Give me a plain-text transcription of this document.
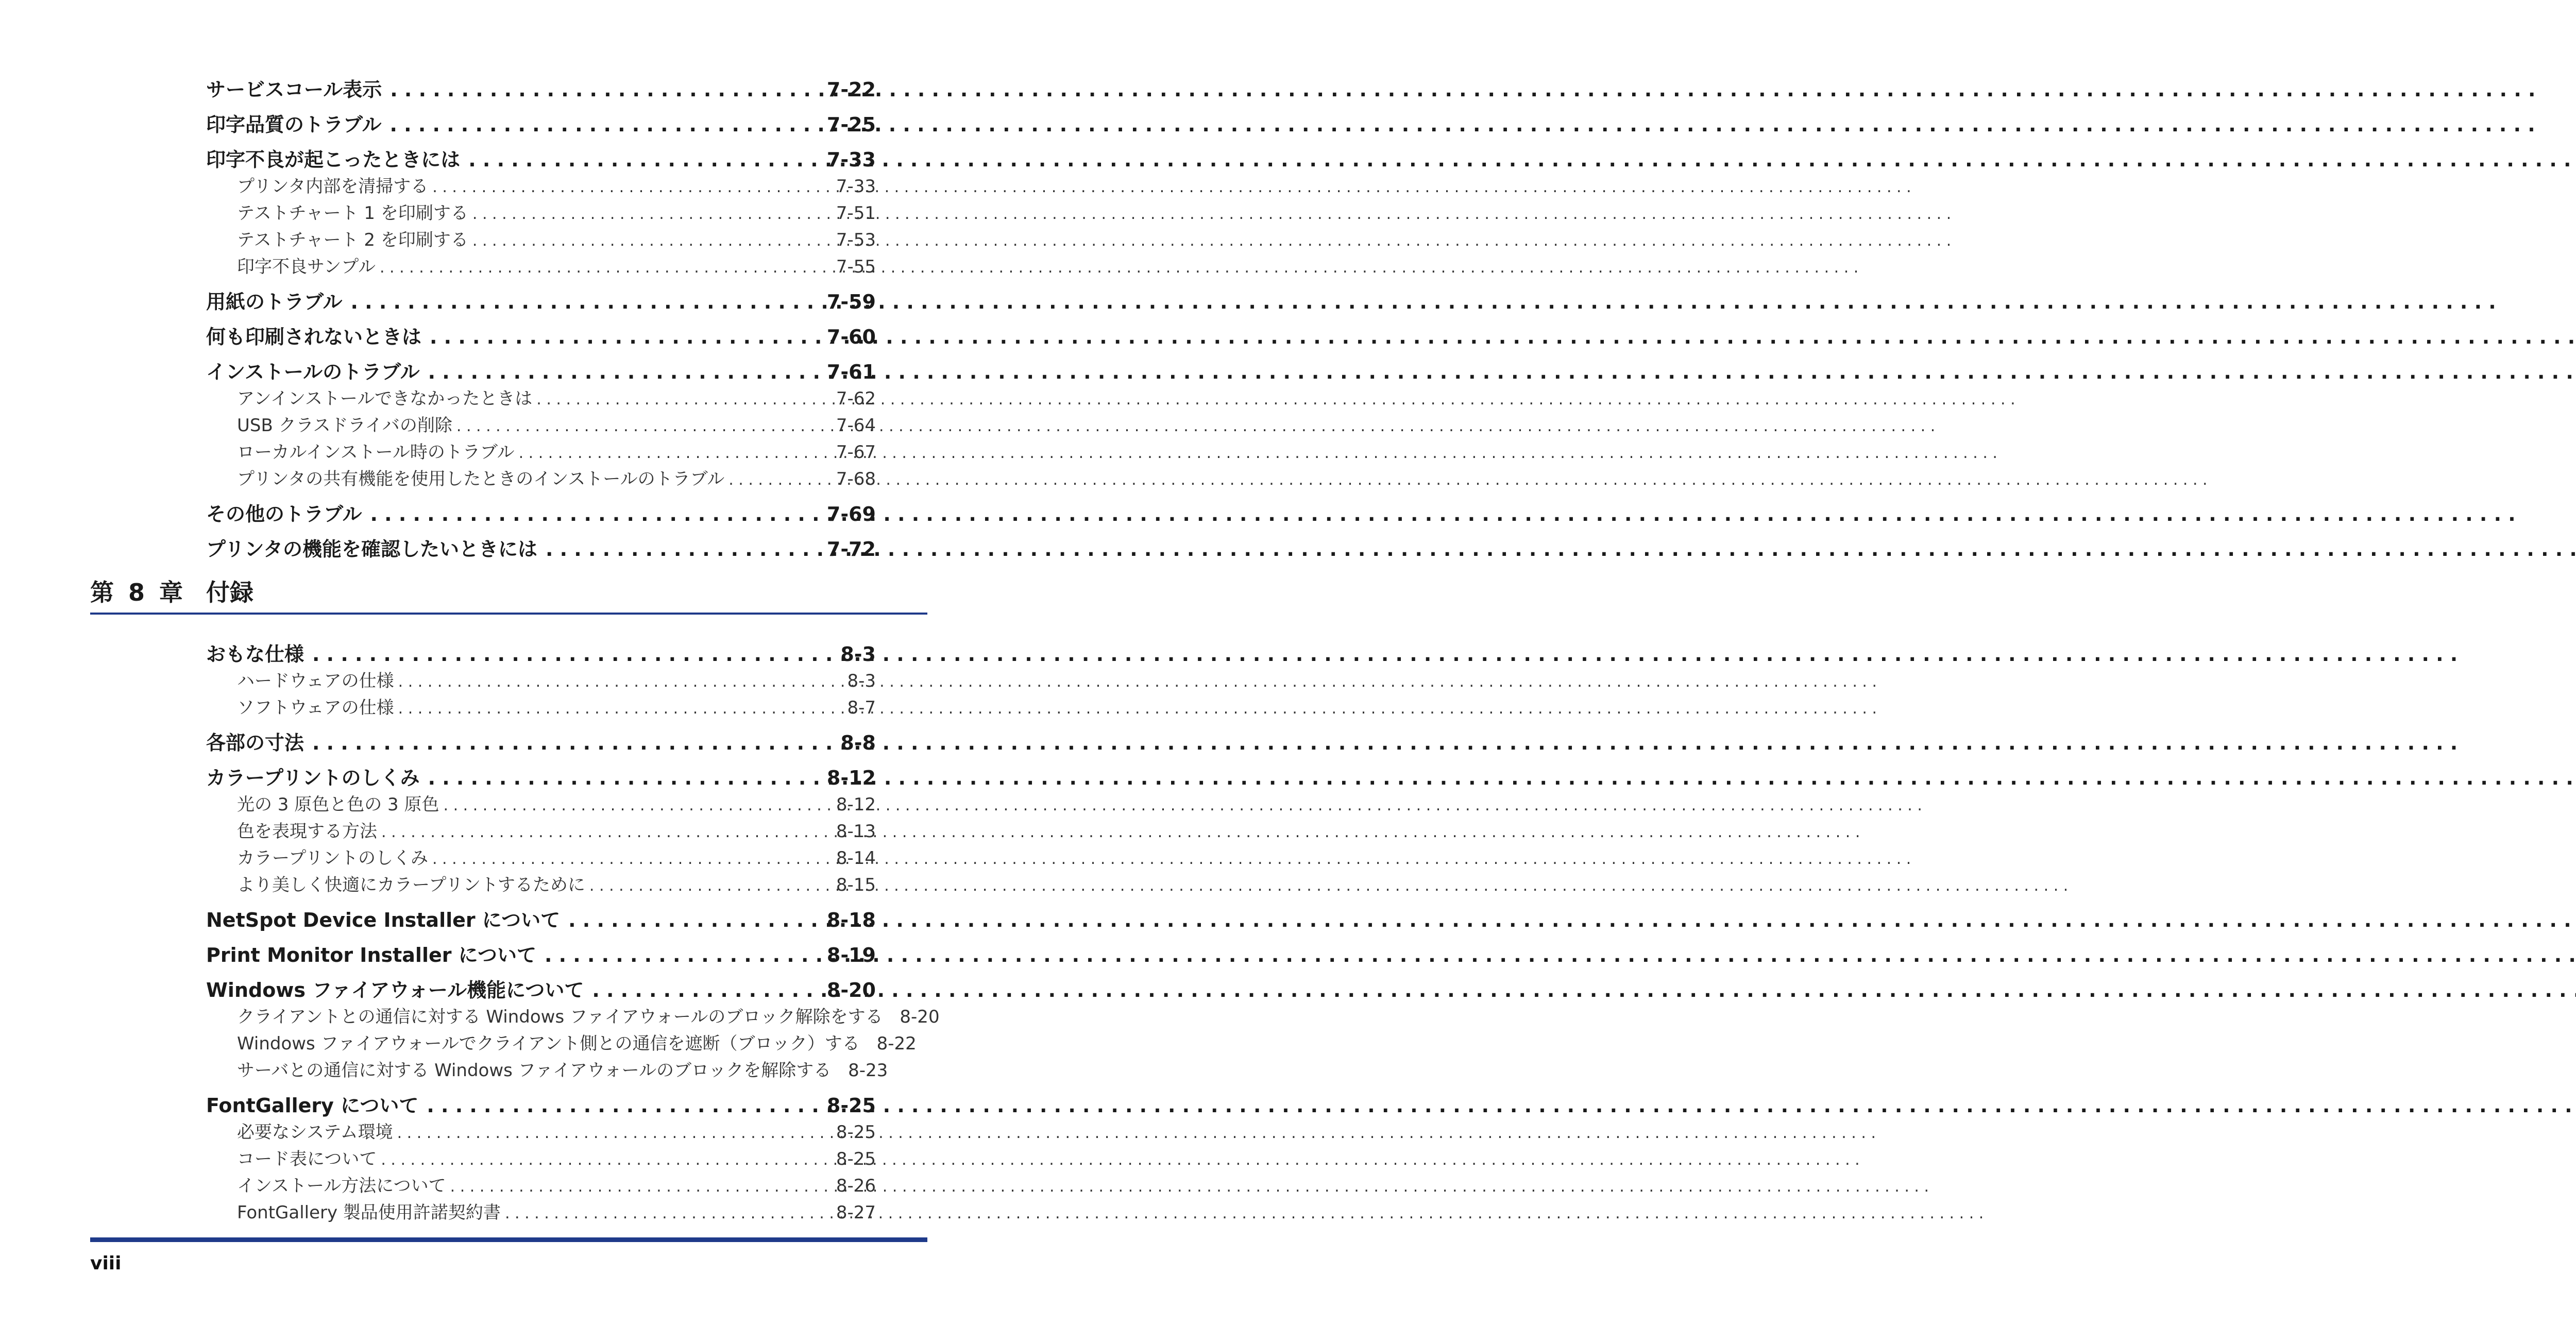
サービスコール表示 . . .	7-22
印字品質のトラブル . . .	7-25
印字不良が起こったときには . . .	7-33
プリンタ内部を清掃する . . .	7-33
テストチャート 1 を印刷する . . .	7-51
テストチャート 2 を印刷する . . .	7-53
印字不良サンプル . . .	7-55
用紙のトラブル . . .	7-59
何も印刷されないときは . . .	7-60
インストールのトラブル . . .	7-61
アンインストールできなかったときは . . .	7-62
USB クラスドライバの削除 . . .	7-64
ローカルインストール時のトラブル . . .	7-67
プリンタの共有機能を使用したときのインストールのトラブル . . .	7-68
その他のトラブル . . .	7-69
プリンタの機能を確認したいときには . . .	7-72
第 8 章 付録
おもな仕様 . . .	8-3
ハードウェアの仕様 . . .	8-3
ソフトウェアの仕様 . . .	8-7
各部の寸法 . . .	8-8
カラープリントのしくみ . . .	8-12
光の 3 原色と色の 3 原色 . . .	8-12
色を表現する方法 . . .	8-13
カラープリントのしくみ . . .	8-14
より美しく快適にカラープリントするために . . .	8-15
NetSpot Device Installer について . . .	8-18
Print Monitor Installer について . . .	8-19
Windows ファイアウォール機能について . . .	8-20
クライアントとの通信に対する Windows ファイアウォールのブロック解除をする 8-20
Windows ファイアウォールでクライアント側との通信を遮断（ブロック）する 8-22
サーバとの通信に対する Windows ファイアウォールのブロックを解除する 8-23
FontGallery について . . .	8-25
必要なシステム環境 . . .	8-25
コード表について . . .	8-25
インストール方法について . . .	8-26
FontGallery 製品使用許諾契約書 . . .	8-27
viii
